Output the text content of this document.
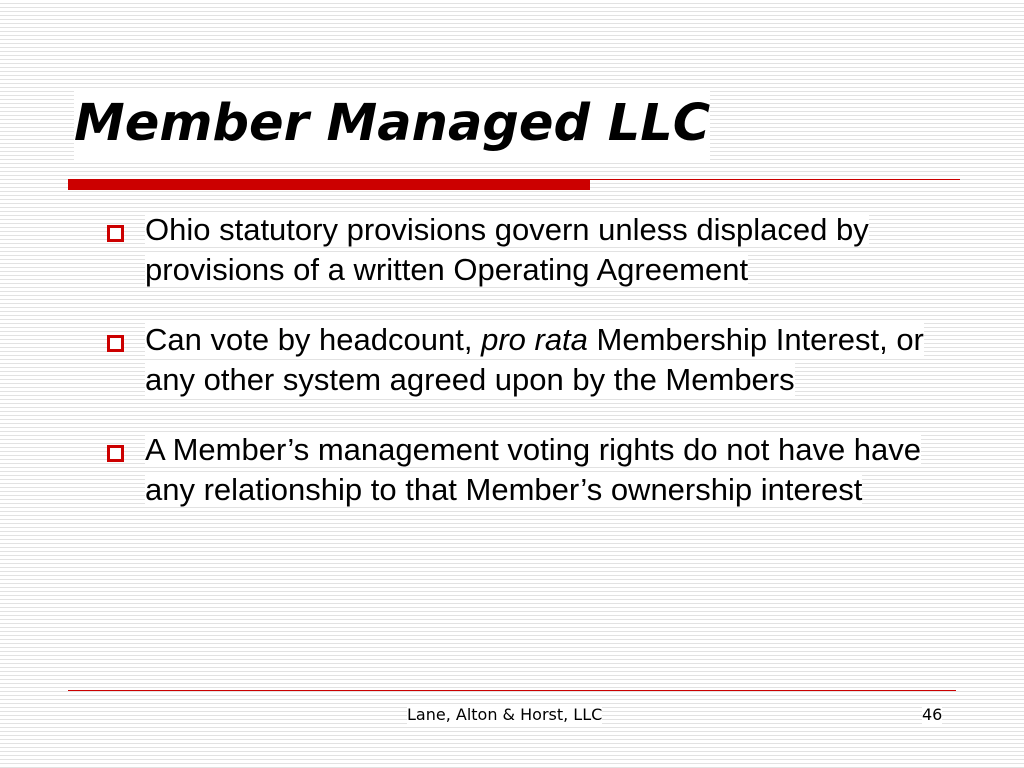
Member Managed LLC
Ohio statutory provisions govern unless displaced by provisions of a written Operating Agreement
Can vote by headcount, pro rata Membership Interest, or any other system agreed upon by the Members
A Member’s management voting rights do not have have any relationship to that Member’s ownership interest
Lane, Alton & Horst, LLC	46
